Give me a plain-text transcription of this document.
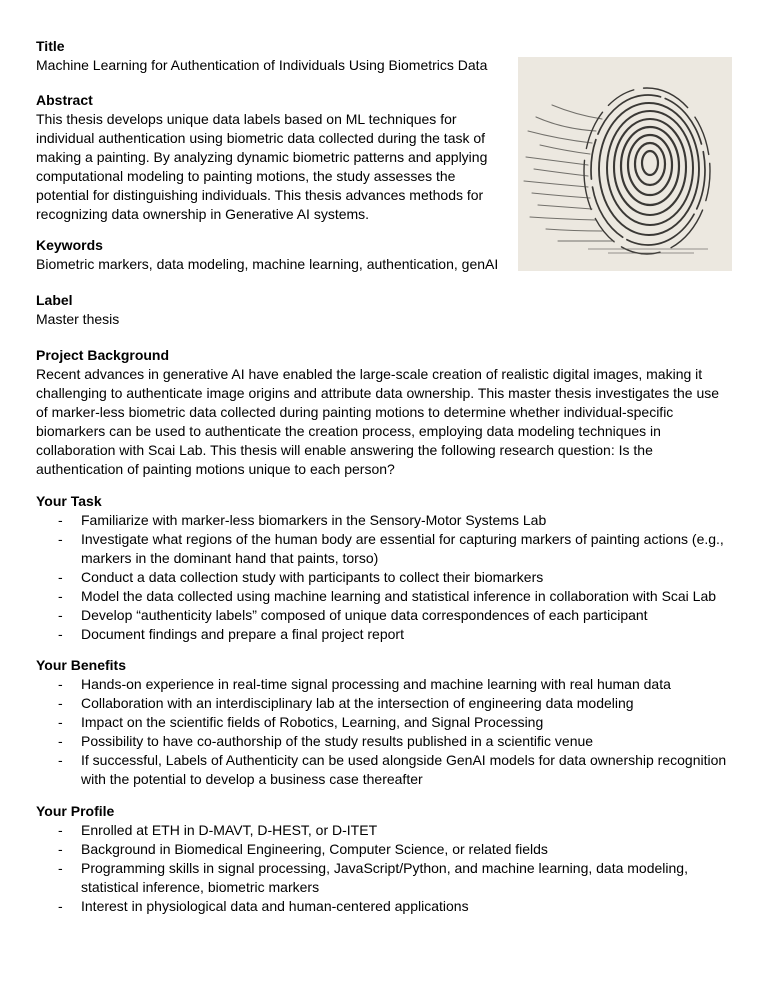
Title

Machine Learning for Authentication of Individuals Using Biometrics Data

Abstract

This thesis develops unique data labels based on ML techniques for individual authentication using biometric data collected during the task of making a painting. By analyzing dynamic biometric patterns and applying computational modeling to painting motions, the study assesses the potential for distinguishing individuals. This thesis advances methods for recognizing data ownership in Generative AI systems.

Keywords

Biometric markers, data modeling, machine learning, authentication, genAI

Label

Master thesis

Project Background

Recent advances in generative AI have enabled the large-scale creation of realistic digital images, making it challenging to authenticate image origins and attribute data ownership. This master thesis investigates the use of marker-less biometric data collected during painting motions to determine whether individual-specific biomarkers can be used to authenticate the creation process, employing data modeling techniques in collaboration with Scai Lab. This thesis will enable answering the following research question: Is the authentication of painting motions unique to each person?

Your Task

- Familiarize with marker-less biomarkers in the Sensory-Motor Systems Lab
- Investigate what regions of the human body are essential for capturing markers of painting actions (e.g., markers in the dominant hand that paints, torso)
- Conduct a data collection study with participants to collect their biomarkers
- Model the data collected using machine learning and statistical inference in collaboration with Scai Lab
- Develop “authenticity labels” composed of unique data correspondences of each participant
- Document findings and prepare a final project report

Your Benefits

- Hands-on experience in real-time signal processing and machine learning with real human data
- Collaboration with an interdisciplinary lab at the intersection of engineering data modeling
- Impact on the scientific fields of Robotics, Learning, and Signal Processing
- Possibility to have co-authorship of the study results published in a scientific venue
- If successful, Labels of Authenticity can be used alongside GenAI models for data ownership recognition with the potential to develop a business case thereafter

Your Profile

- Enrolled at ETH in D-MAVT, D-HEST, or D-ITET
- Background in Biomedical Engineering, Computer Science, or related fields
- Programming skills in signal processing, JavaScript/Python, and machine learning, data modeling, statistical inference, biometric markers
- Interest in physiological data and human-centered applications
